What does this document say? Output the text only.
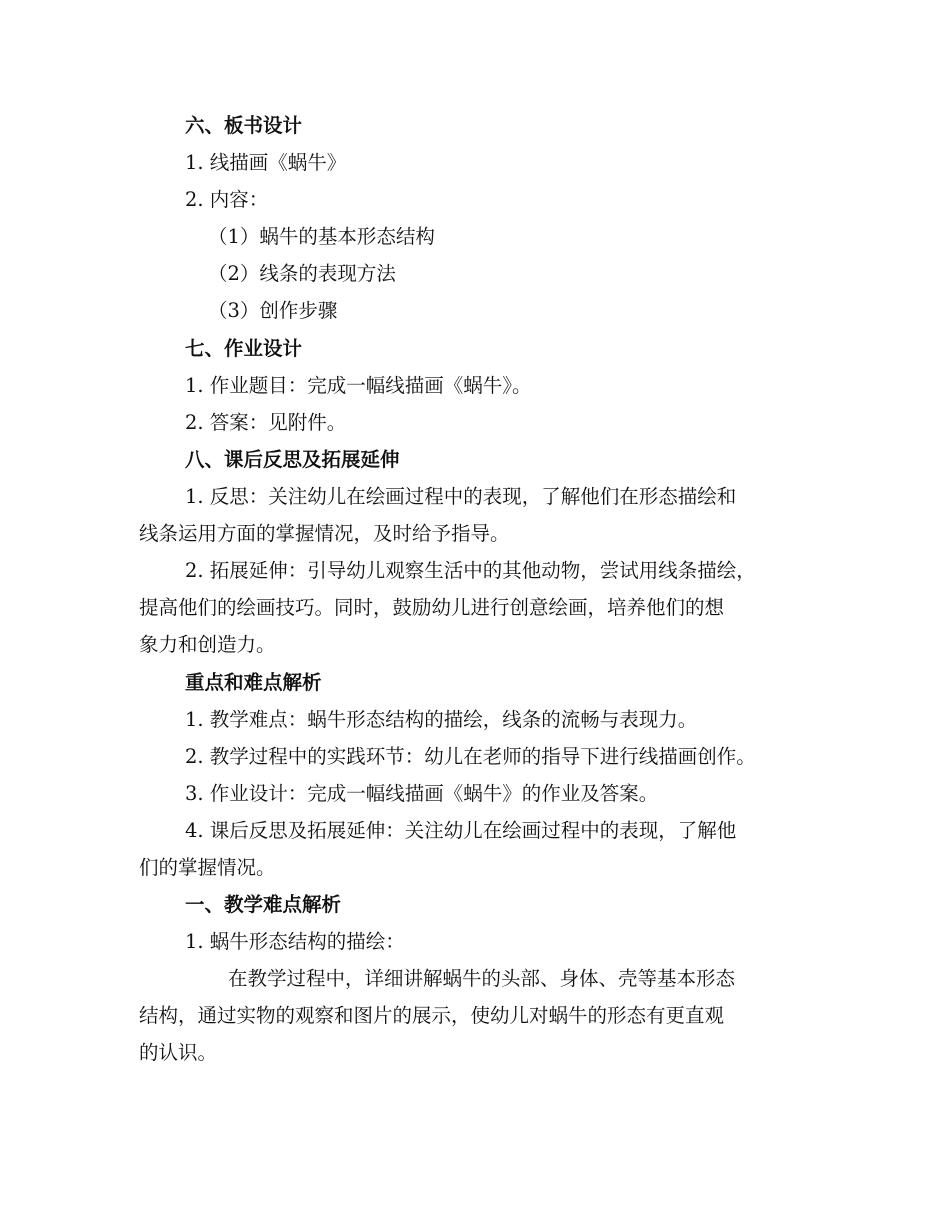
六、板书设计
1. 线描画《蜗牛》
2. 内容：
（1）蜗牛的基本形态结构
（2）线条的表现方法
（3）创作步骤
七、作业设计
1. 作业题目：完成一幅线描画《蜗牛》。
2. 答案：见附件。
八、课后反思及拓展延伸
1. 反思：关注幼儿在绘画过程中的表现，了解他们在形态描绘和
线条运用方面的掌握情况，及时给予指导。
2. 拓展延伸：引导幼儿观察生活中的其他动物，尝试用线条描绘，
提高他们的绘画技巧。同时，鼓励幼儿进行创意绘画，培养他们的想
象力和创造力。
重点和难点解析
1. 教学难点：蜗牛形态结构的描绘，线条的流畅与表现力。
2. 教学过程中的实践环节：幼儿在老师的指导下进行线描画创作。
3. 作业设计：完成一幅线描画《蜗牛》的作业及答案。
4. 课后反思及拓展延伸：关注幼儿在绘画过程中的表现，了解他
们的掌握情况。
一、教学难点解析
1. 蜗牛形态结构的描绘：
在教学过程中，详细讲解蜗牛的头部、身体、壳等基本形态
结构，通过实物的观察和图片的展示，使幼儿对蜗牛的形态有更直观
的认识。
